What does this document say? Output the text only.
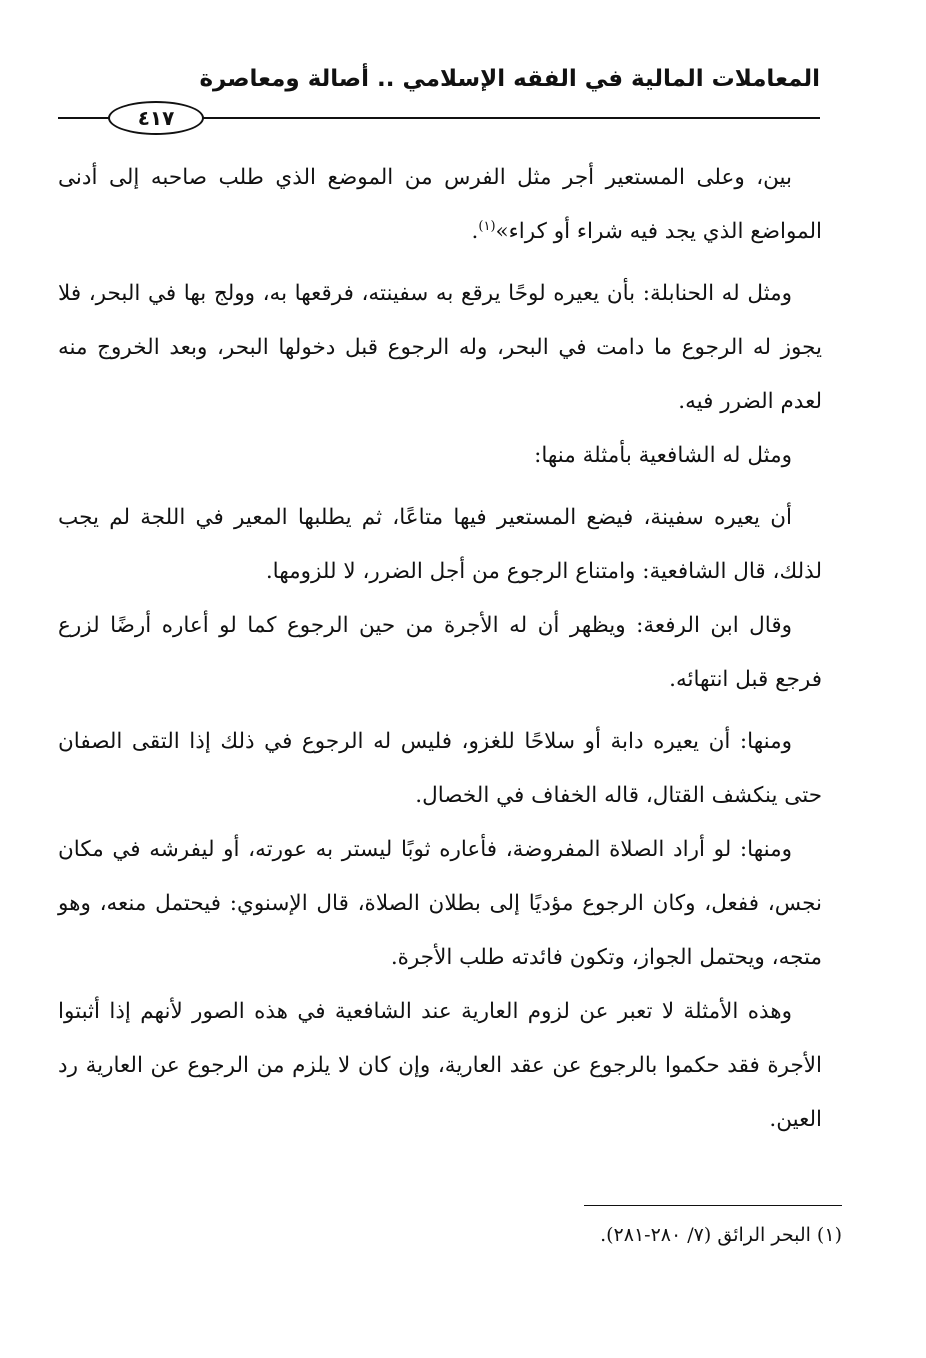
المعاملات المالية في الفقه الإسلامي .. أصالة ومعاصرة
٤١٧

بين، وعلى المستعير أجر مثل الفرس من الموضع الذي طلب صاحبه إلى أدنى المواضع الذي يجد فيه شراء أو كراء»$^{(١)}$.

ومثل له الحنابلة: بأن يعيره لوحًا يرقع به سفينته، فرقعها به، وولج بها في البحر، فلا يجوز له الرجوع ما دامت في البحر، وله الرجوع قبل دخولها البحر، وبعد الخروج منه لعدم الضرر فيه.

ومثل له الشافعية بأمثلة منها:

أن يعيره سفينة، فيضع المستعير فيها متاعًا، ثم يطلبها المعير في اللجة لم يجب لذلك، قال الشافعية: وامتناع الرجوع من أجل الضرر، لا للزومها.

وقال ابن الرفعة: ويظهر أن له الأجرة من حين الرجوع كما لو أعاره أرضًا لزرع فرجع قبل انتهائه.

ومنها: أن يعيره دابة أو سلاحًا للغزو، فليس له الرجوع في ذلك إذا التقى الصفان حتى ينكشف القتال، قاله الخفاف في الخصال.

ومنها: لو أراد الصلاة المفروضة، فأعاره ثوبًا ليستر به عورته، أو ليفرشه في مكان نجس، ففعل، وكان الرجوع مؤديًا إلى بطلان الصلاة، قال الإسنوي: فيحتمل منعه، وهو متجه، ويحتمل الجواز، وتكون فائدته طلب الأجرة.

وهذه الأمثلة لا تعبر عن لزوم العارية عند الشافعية في هذه الصور لأنهم إذا أثبتوا الأجرة فقد حكموا بالرجوع عن عقد العارية، وإن كان لا يلزم من الرجوع عن العارية رد العين.

(١) البحر الرائق (٧/ ٢٨٠-٢٨١).
